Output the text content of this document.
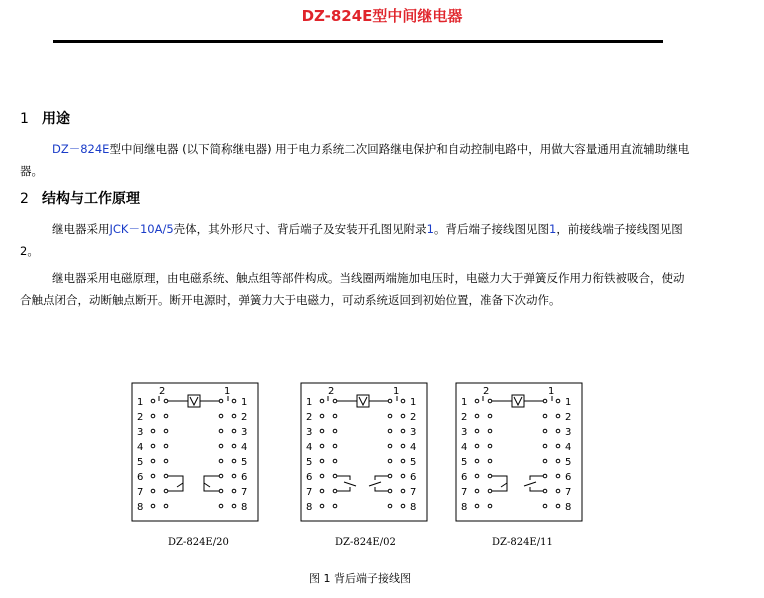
DZ-824E型中间继电器
1 用途
DZ－824E型中间继电器 (以下简称继电器) 用于电力系统二次回路继电保护和自动控制电路中，用做大容量通用直流辅助继电器。
2 结构与工作原理
继电器采用JCK－10A/5壳体，其外形尺寸、背后端子及安装开孔图见附录1。背后端子接线图见图1，前接线端子接线图见图2。
继电器采用电磁原理，由电磁系统、触点组等部件构成。当线圈两端施加电压时，电磁力大于弹簧反作用力衔铁被吸合，使动合触点闭合，动断触点断开。断开电源时，弹簧力大于电磁力，可动系统返回到初始位置，准备下次动作。
2	1
1
2
3
4
5
6
7
8
1
2
3
4
5
6
7
8
DZ-824E/20
2	1
1
2
3
4
5
6
7
8
1
2
3
4
5
6
7
8
DZ-824E/02
2	1
1
2
3
4
5
6
7
8
1
2
3
4
5
6
7
8
DZ-824E/11
图 1 背后端子接线图
